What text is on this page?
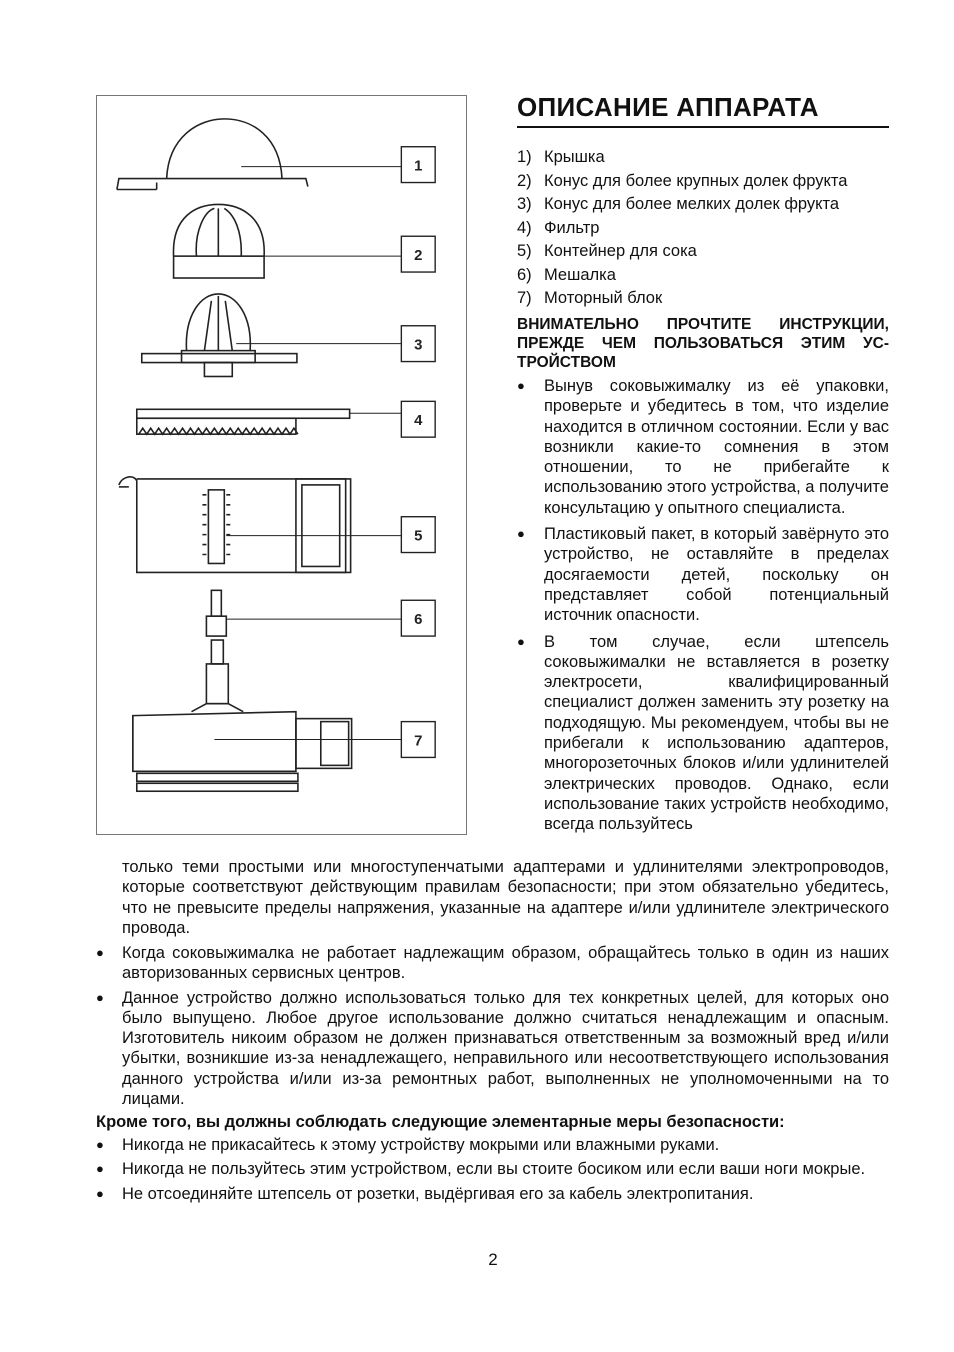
1
2
3
4
5
6
7
ОПИСАНИЕ АППАРАТА
1) Крышка
2) Конус для более крупных долек фрукта
3) Конус для более мелких долек фрукта
4) Фильтр
5) Контейнер для сока
6) Мешалка
7) Моторный блок
ВНИМАТЕЛЬНО ПРОЧТИТЕ ИНСТРУКЦИИ, ПРЕЖДЕ ЧЕМ ПОЛЬЗОВАТЬСЯ ЭТИМ УС-ТРОЙСТВОМ
● Вынув соковыжималку из её упаковки, проверьте и убедитесь в том, что изделие находится в отличном состоянии. Если у вас возникли какие-то сомнения в этом отношении, то не прибегайте к использованию этого устройства, а получите консультацию у опытного специалиста.
● Пластиковый пакет, в который завёрнуто это устройство, не оставляйте в пределах досягаемости детей, поскольку он представляет собой потенциальный источник опасности.
● В том случае, если штепсель соковыжималки не вставляется в розетку электросети, квалифицированный специалист должен заменить эту розетку на подходящую. Мы рекомендуем, чтобы вы не прибегали к использованию адаптеров, многорозеточных блоков и/или удлинителей электрических проводов. Однако, если использование таких устройств необходимо, всегда пользуйтесь
только теми простыми или многоступенчатыми адаптерами и удлинителями электропроводов, которые соответствуют действующим правилам безопасности; при этом обязательно убедитесь, что не превысите пределы напряжения, указанные на адаптере и/или удлинителе электрического провода.
● Когда соковыжималка не работает надлежащим образом, обращайтесь только в один из наших авторизованных сервисных центров.
● Данное устройство должно использоваться только для тех конкретных целей, для которых оно было выпущено. Любое другое использование должно считаться ненадлежащим и опасным. Изготовитель никоим образом не должен признаваться ответственным за возможный вред и/или убытки, возникшие из-за ненадлежащего, неправильного или несоответствующего использования данного устройства и/или из-за ремонтных работ, выполненных не уполномоченными на то лицами.
Кроме того, вы должны соблюдать следующие элементарные меры безопасности:
● Никогда не прикасайтесь к этому устройству мокрыми или влажными руками.
● Никогда не пользуйтесь этим устройством, если вы стоите босиком или если ваши ноги мокрые.
● Не отсоединяйте штепсель от розетки, выдёргивая его за кабель электропитания.
2
